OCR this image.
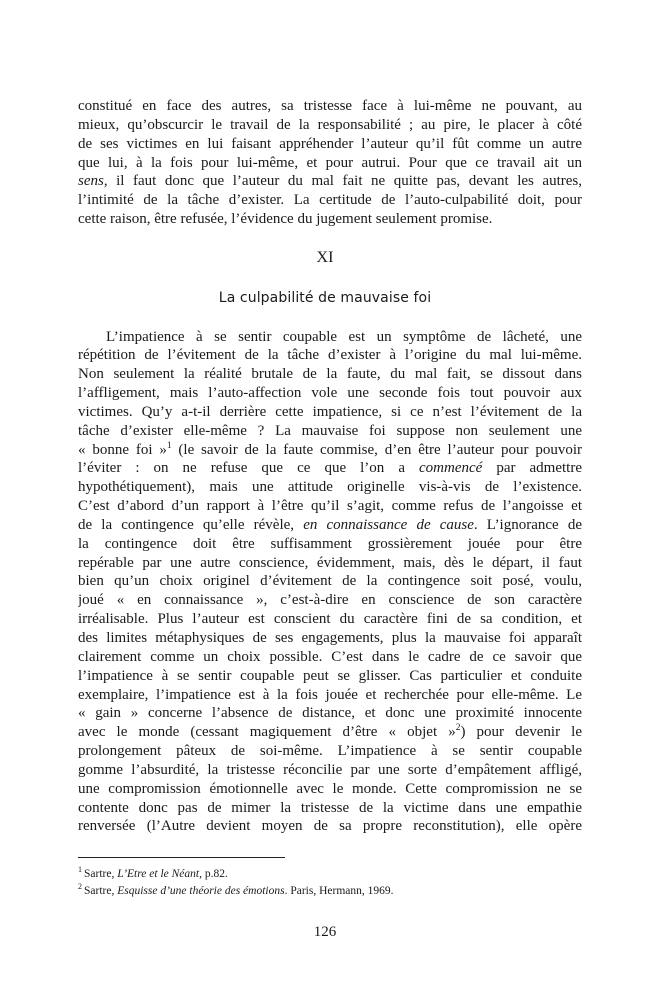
constitué en face des autres, sa tristesse face à lui-même ne pouvant, au
mieux, qu’obscurcir le travail de la responsabilité ; au pire, le placer à côté
de ses victimes en lui faisant appréhender l’auteur qu’il fût comme un autre
que lui, à la fois pour lui-même, et pour autrui. Pour que ce travail ait un
sens, il faut donc que l’auteur du mal fait ne quitte pas, devant les autres,
l’intimité de la tâche d’exister. La certitude de l’auto-culpabilité doit, pour
cette raison, être refusée, l’évidence du jugement seulement promise.
XI
La culpabilité de mauvaise foi
L’impatience à se sentir coupable est un symptôme de lâcheté, une
répétition de l’évitement de la tâche d’exister à l’origine du mal lui-même.
Non seulement la réalité brutale de la faute, du mal fait, se dissout dans
l’affligement, mais l’auto-affection vole une seconde fois tout pouvoir aux
victimes. Qu’y a-t-il derrière cette impatience, si ce n’est l’évitement de la
tâche d’exister elle-même ? La mauvaise foi suppose non seulement une
« bonne foi »$^1$ (le savoir de la faute commise, d’en être l’auteur pour pouvoir
l’éviter : on ne refuse que ce que l’on a commencé par admettre
hypothétiquement), mais une attitude originelle vis-à-vis de l’existence.
C’est d’abord d’un rapport à l’être qu’il s’agit, comme refus de l’angoisse et
de la contingence qu’elle révèle, en connaissance de cause. L’ignorance de
la contingence doit être suffisamment grossièrement jouée pour être
repérable par une autre conscience, évidemment, mais, dès le départ, il faut
bien qu’un choix originel d’évitement de la contingence soit posé, voulu,
joué « en connaissance », c’est-à-dire en conscience de son caractère
irréalisable. Plus l’auteur est conscient du caractère fini de sa condition, et
des limites métaphysiques de ses engagements, plus la mauvaise foi apparaît
clairement comme un choix possible. C’est dans le cadre de ce savoir que
l’impatience à se sentir coupable peut se glisser. Cas particulier et conduite
exemplaire, l’impatience est à la fois jouée et recherchée pour elle-même. Le
« gain » concerne l’absence de distance, et donc une proximité innocente
avec le monde (cessant magiquement d’être « objet »$^2$) pour devenir le
prolongement pâteux de soi-même. L’impatience à se sentir coupable
gomme l’absurdité, la tristesse réconcilie par une sorte d’empâtement affligé,
une compromission émotionnelle avec le monde. Cette compromission ne se
contente donc pas de mimer la tristesse de la victime dans une empathie
renversée (l’Autre devient moyen de sa propre reconstitution), elle opère
$^1$ Sartre, L’Etre et le Néant, p.82.
$^2$ Sartre, Esquisse d’une théorie des émotions. Paris, Hermann, 1969.
126
